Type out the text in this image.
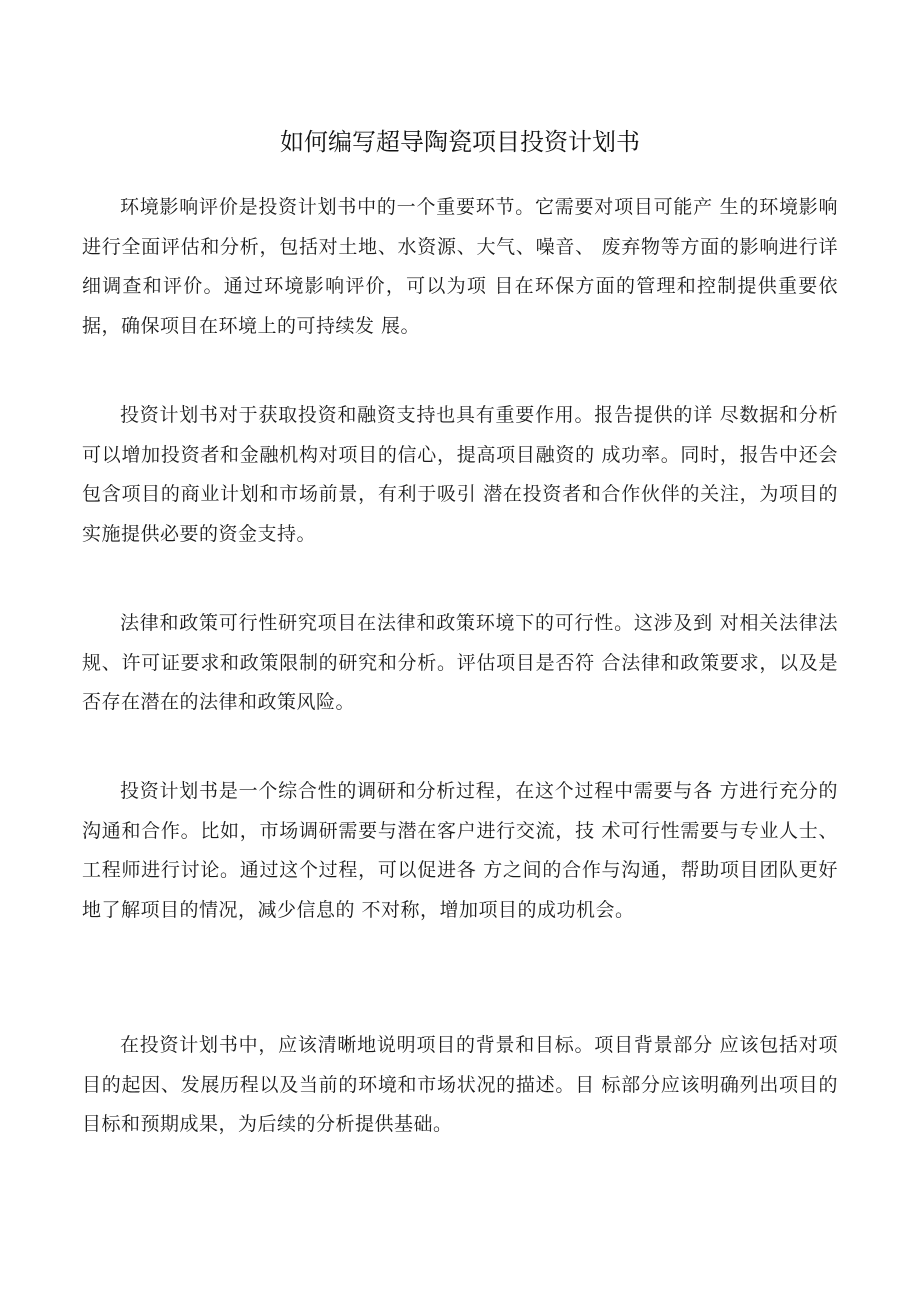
如何编写超导陶瓷项目投资计划书

环境影响评价是投资计划书中的一个重要环节。它需要对项目可能产 生的环境影响进行全面评估和分析，包括对土地、水资源、大气、噪音、 废弃物等方面的影响进行详细调查和评价。通过环境影响评价，可以为项 目在环保方面的管理和控制提供重要依据，确保项目在环境上的可持续发 展。

投资计划书对于获取投资和融资支持也具有重要作用。报告提供的详 尽数据和分析可以增加投资者和金融机构对项目的信心，提高项目融资的 成功率。同时，报告中还会包含项目的商业计划和市场前景，有利于吸引 潜在投资者和合作伙伴的关注，为项目的实施提供必要的资金支持。

法律和政策可行性研究项目在法律和政策环境下的可行性。这涉及到 对相关法律法规、许可证要求和政策限制的研究和分析。评估项目是否符 合法律和政策要求，以及是否存在潜在的法律和政策风险。

投资计划书是一个综合性的调研和分析过程，在这个过程中需要与各 方进行充分的沟通和合作。比如，市场调研需要与潜在客户进行交流，技 术可行性需要与专业人士、工程师进行讨论。通过这个过程，可以促进各 方之间的合作与沟通，帮助项目团队更好地了解项目的情况，减少信息的 不对称，增加项目的成功机会。

在投资计划书中，应该清晰地说明项目的背景和目标。项目背景部分 应该包括对项目的起因、发展历程以及当前的环境和市场状况的描述。目 标部分应该明确列出项目的目标和预期成果，为后续的分析提供基础。
